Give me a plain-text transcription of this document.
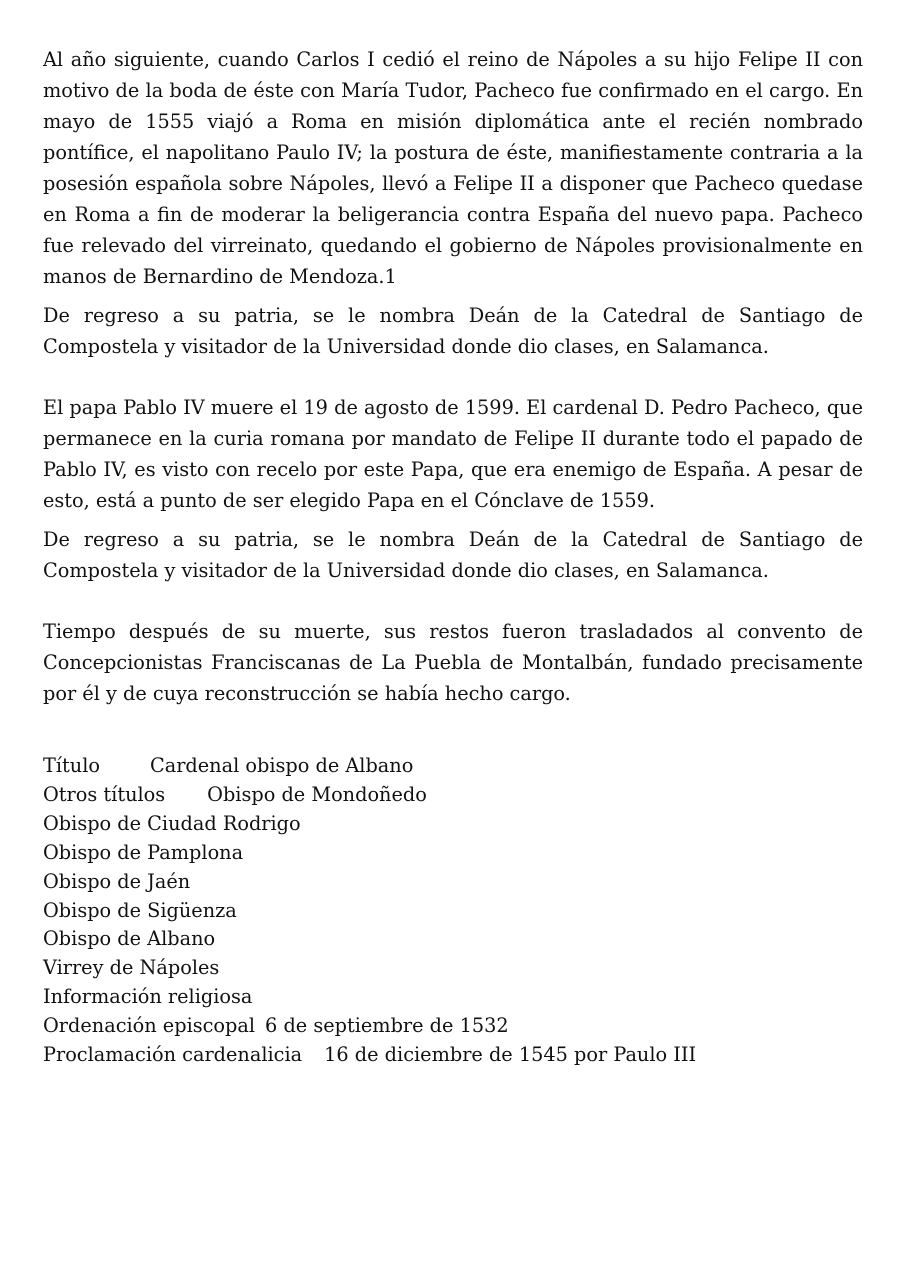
Al año siguiente, cuando Carlos I cedió el reino de Nápoles a su hijo Felipe II con motivo de la boda de éste con María Tudor, Pacheco fue confirmado en el cargo. En mayo de 1555 viajó a Roma en misión diplomática ante el recién nombrado pontífice, el napolitano Paulo IV; la postura de éste, manifiestamente contraria a la posesión española sobre Nápoles, llevó a Felipe II a disponer que Pacheco quedase en Roma a fin de moderar la beligerancia contra España del nuevo papa. Pacheco fue relevado del virreinato, quedando el gobierno de Nápoles provisionalmente en manos de Bernardino de Mendoza.1

De regreso a su patria, se le nombra Deán de la Catedral de Santiago de Compostela y visitador de la Universidad donde dio clases, en Salamanca.

El papa Pablo IV muere el 19 de agosto de 1599. El cardenal D. Pedro Pacheco, que permanece en la curia romana por mandato de Felipe II durante todo el papado de Pablo IV, es visto con recelo por este Papa, que era enemigo de España. A pesar de esto, está a punto de ser elegido Papa en el Cónclave de 1559.

De regreso a su patria, se le nombra Deán de la Catedral de Santiago de Compostela y visitador de la Universidad donde dio clases, en Salamanca.

Tiempo después de su muerte, sus restos fueron trasladados al convento de Concepcionistas Franciscanas de La Puebla de Montalbán, fundado precisamente por él y de cuya reconstrucción se había hecho cargo.

Título	Cardenal obispo de Albano
Otros títulos Obispo de Mondoñedo
Obispo de Ciudad Rodrigo
Obispo de Pamplona
Obispo de Jaén
Obispo de Sigüenza
Obispo de Albano
Virrey de Nápoles
Información religiosa
Ordenación episcopal 6 de septiembre de 1532
Proclamación cardenalicia 16 de diciembre de 1545 por Paulo III
